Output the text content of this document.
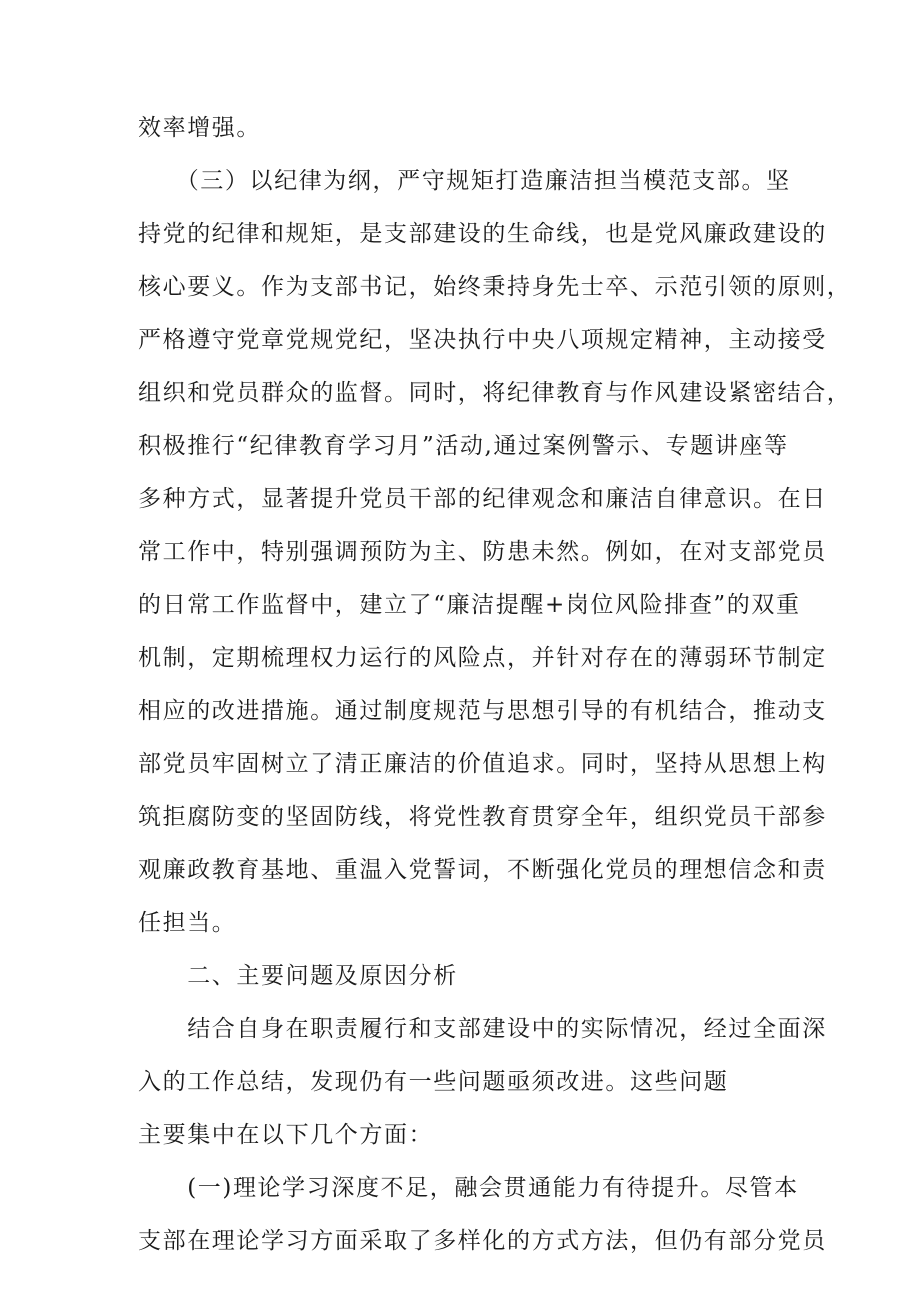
效率增强。
　　（三）以纪律为纲，严守规矩打造廉洁担当模范支部。坚
持党的纪律和规矩，是支部建设的生命线，也是党风廉政建设的
核心要义。作为支部书记，始终秉持身先士卒、示范引领的原则，
严格遵守党章党规党纪，坚决执行中央八项规定精神，主动接受
组织和党员群众的监督。同时，将纪律教育与作风建设紧密结合，
积极推行“纪律教育学习月”活动,通过案例警示、专题讲座等
多种方式，显著提升党员干部的纪律观念和廉洁自律意识。在日
常工作中，特别强调预防为主、防患未然。例如，在对支部党员
的日常工作监督中，建立了“廉洁提醒+岗位风险排查”的双重
机制，定期梳理权力运行的风险点，并针对存在的薄弱环节制定
相应的改进措施。通过制度规范与思想引导的有机结合，推动支
部党员牢固树立了清正廉洁的价值追求。同时，坚持从思想上构
筑拒腐防变的坚固防线，将党性教育贯穿全年，组织党员干部参
观廉政教育基地、重温入党誓词，不断强化党员的理想信念和责
任担当。
　　二、主要问题及原因分析
　　结合自身在职责履行和支部建设中的实际情况，经过全面深
入的工作总结，发现仍有一些问题亟须改进。这些问题
主要集中在以下几个方面：
　　(一)理论学习深度不足，融会贯通能力有待提升。尽管本
支部在理论学习方面采取了多样化的方式方法，但仍有部分党员
